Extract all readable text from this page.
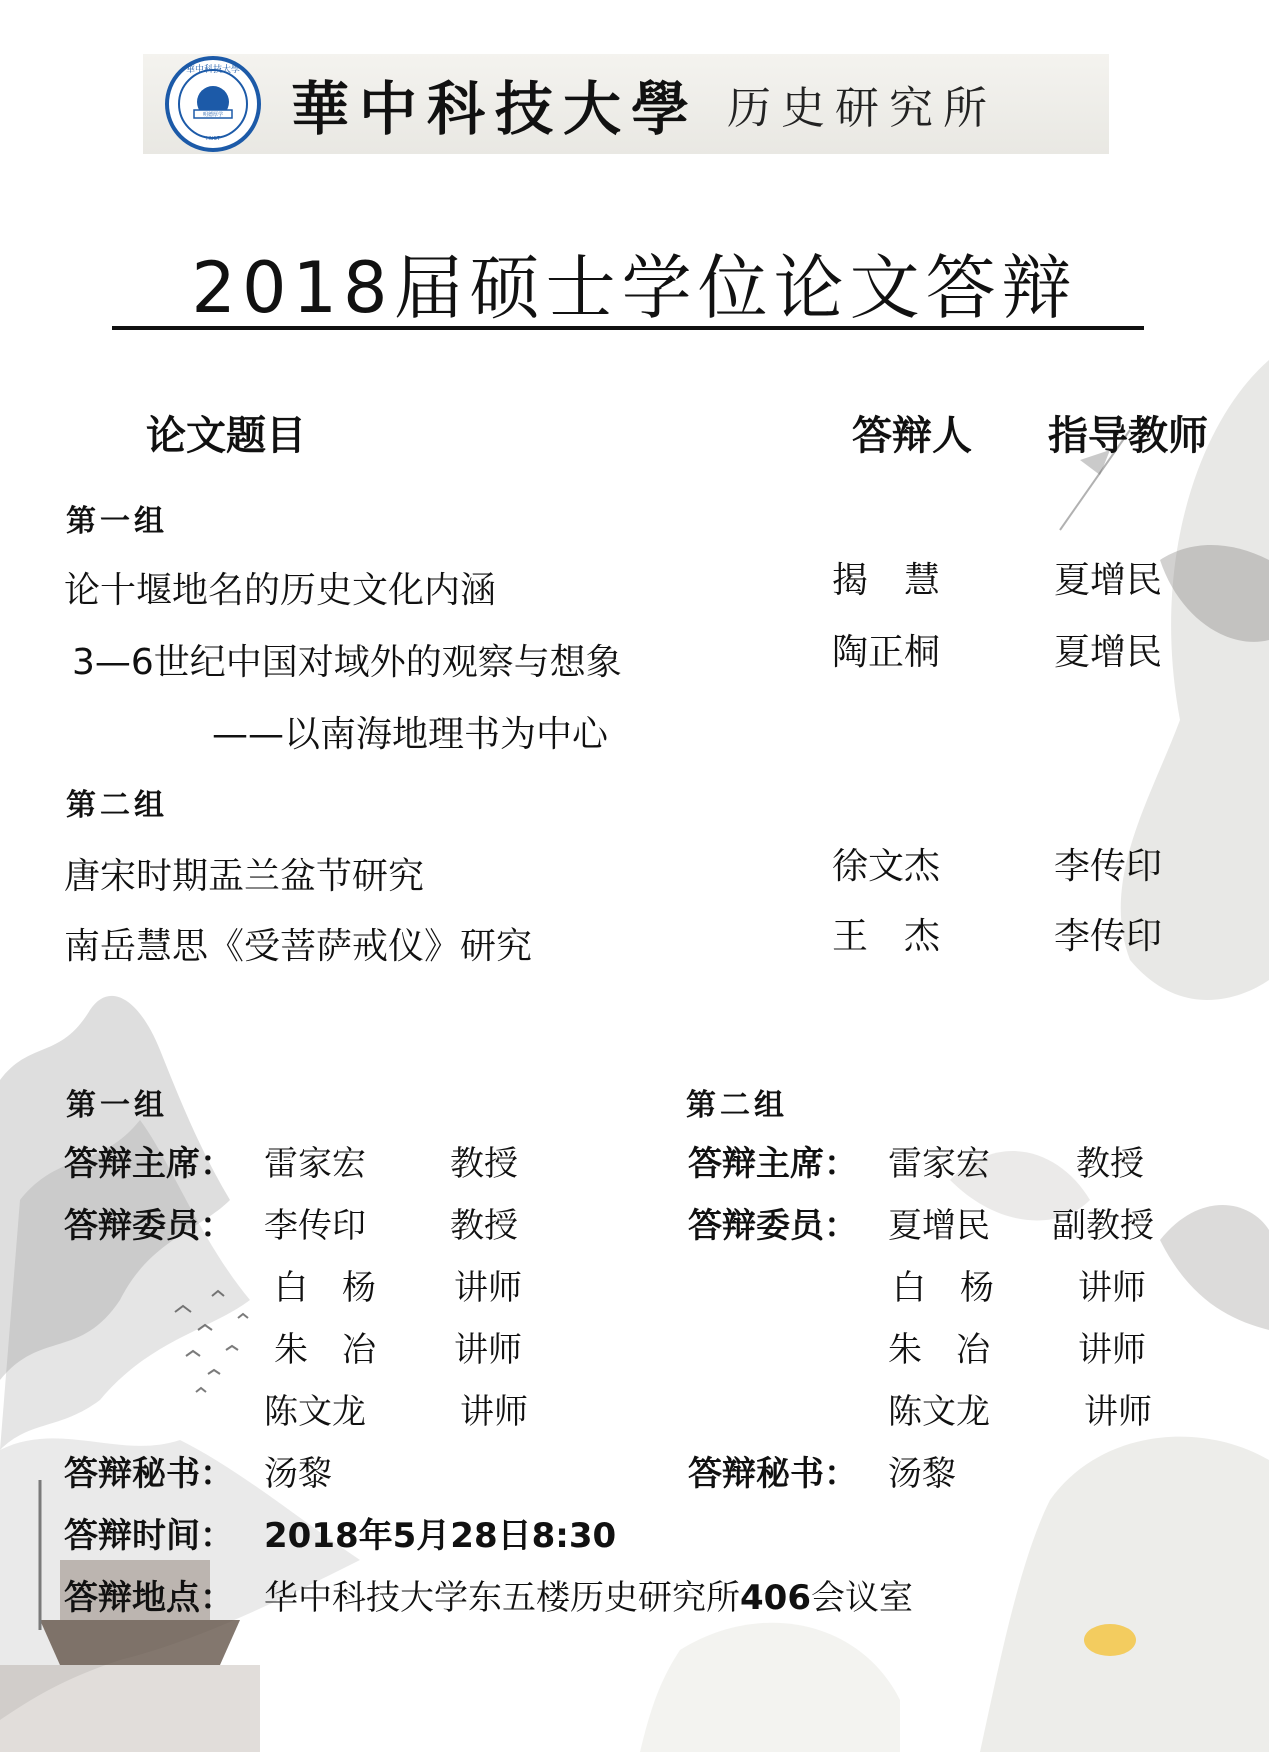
華中科技大學
明德厚学
HUST 華中科技大學 历史研究所
2018届硕士学位论文答辩
论文题目	答辩人 指导教师
第一组
论十堰地名的历史文化内涵	揭　慧	夏增民
3—6世纪中国对域外的观察与想象
——以南海地理书为中心
陶正桐	夏增民
第二组
唐宋时期盂兰盆节研究	徐文杰	李传印
南岳慧思《受菩萨戒仪》研究	王　杰	李传印
第一组
答辩主席： 雷家宏 教授
答辩委员： 李传印 教授
白　杨 讲师
朱　冶 讲师
陈文龙	讲师
答辩秘书： 汤黎
第二组
答辩主席： 雷家宏	教授
答辩委员： 夏增民 副教授
白　杨 讲师
朱　冶	讲师
陈文龙	讲师
答辩秘书： 汤黎
答辩时间： 2018年5月28日8:30
答辩地点： 华中科技大学东五楼历史研究所406会议室
